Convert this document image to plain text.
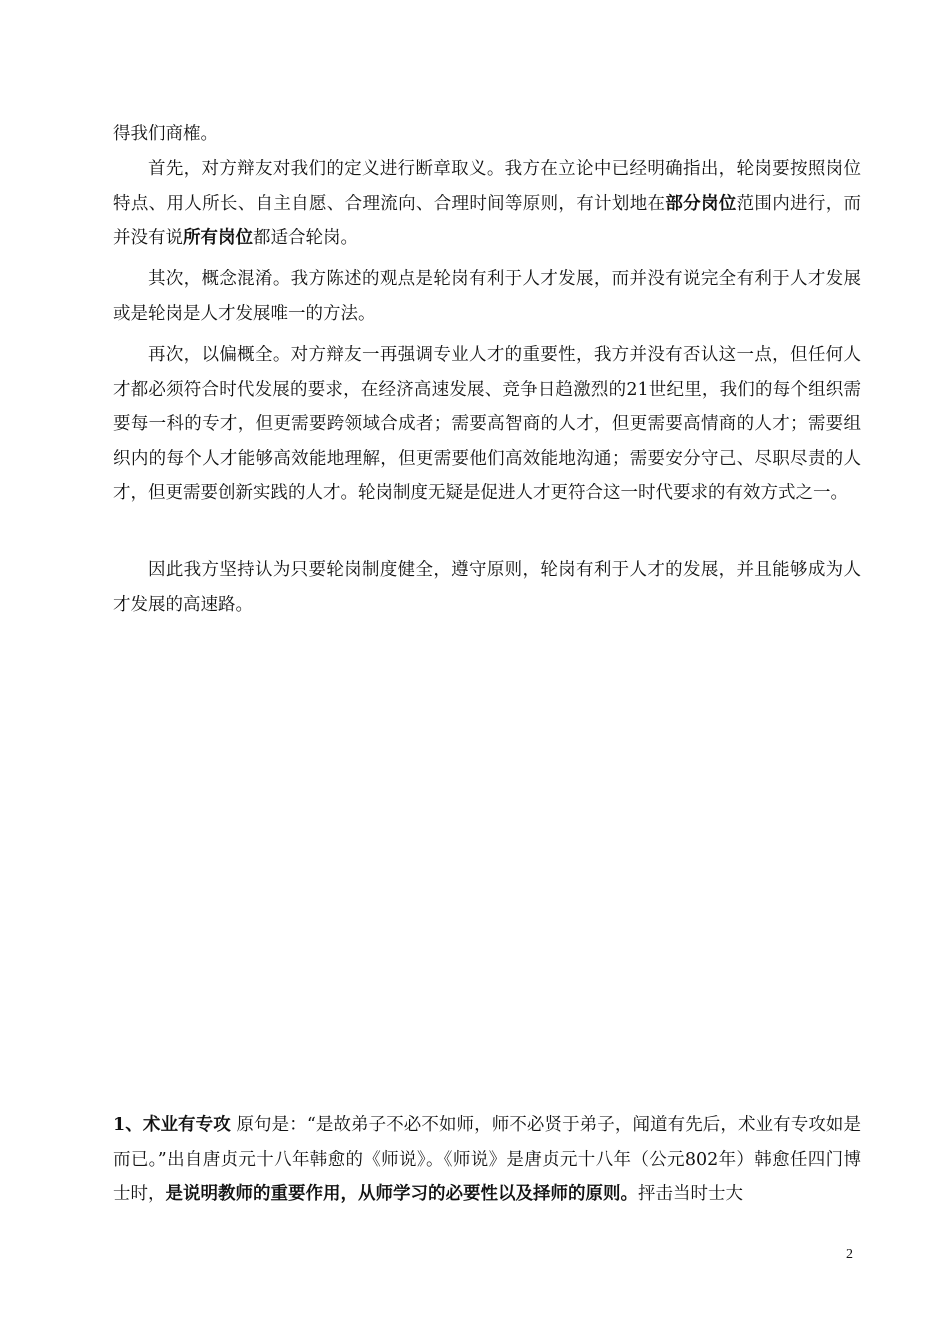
得我们商榷。

首先，对方辩友对我们的定义进行断章取义。我方在立论中已经明确指出，轮岗要按照岗位特点、用人所长、自主自愿、合理流向、合理时间等原则，有计划地在部分岗位范围内进行，而并没有说所有岗位都适合轮岗。

其次，概念混淆。我方陈述的观点是轮岗有利于人才发展，而并没有说完全有利于人才发展或是轮岗是人才发展唯一的方法。

再次，以偏概全。对方辩友一再强调专业人才的重要性，我方并没有否认这一点，但任何人才都必须符合时代发展的要求，在经济高速发展、竞争日趋激烈的21世纪里，我们的每个组织需要每一科的专才，但更需要跨领域合成者；需要高智商的人才，但更需要高情商的人才；需要组织内的每个人才能够高效能地理解，但更需要他们高效能地沟通；需要安分守己、尽职尽责的人才，但更需要创新实践的人才。轮岗制度无疑是促进人才更符合这一时代要求的有效方式之一。

因此我方坚持认为只要轮岗制度健全，遵守原则，轮岗有利于人才的发展，并且能够成为人才发展的高速路。

1、术业有专攻 原句是：“是故弟子不必不如师，师不必贤于弟子，闻道有先后，术业有专攻如是而已。”出自唐贞元十八年韩愈的《师说》。《师说》是唐贞元十八年（公元802年）韩愈任四门博士时，是说明教师的重要作用，从师学习的必要性以及择师的原则。抨击当时士大

2
